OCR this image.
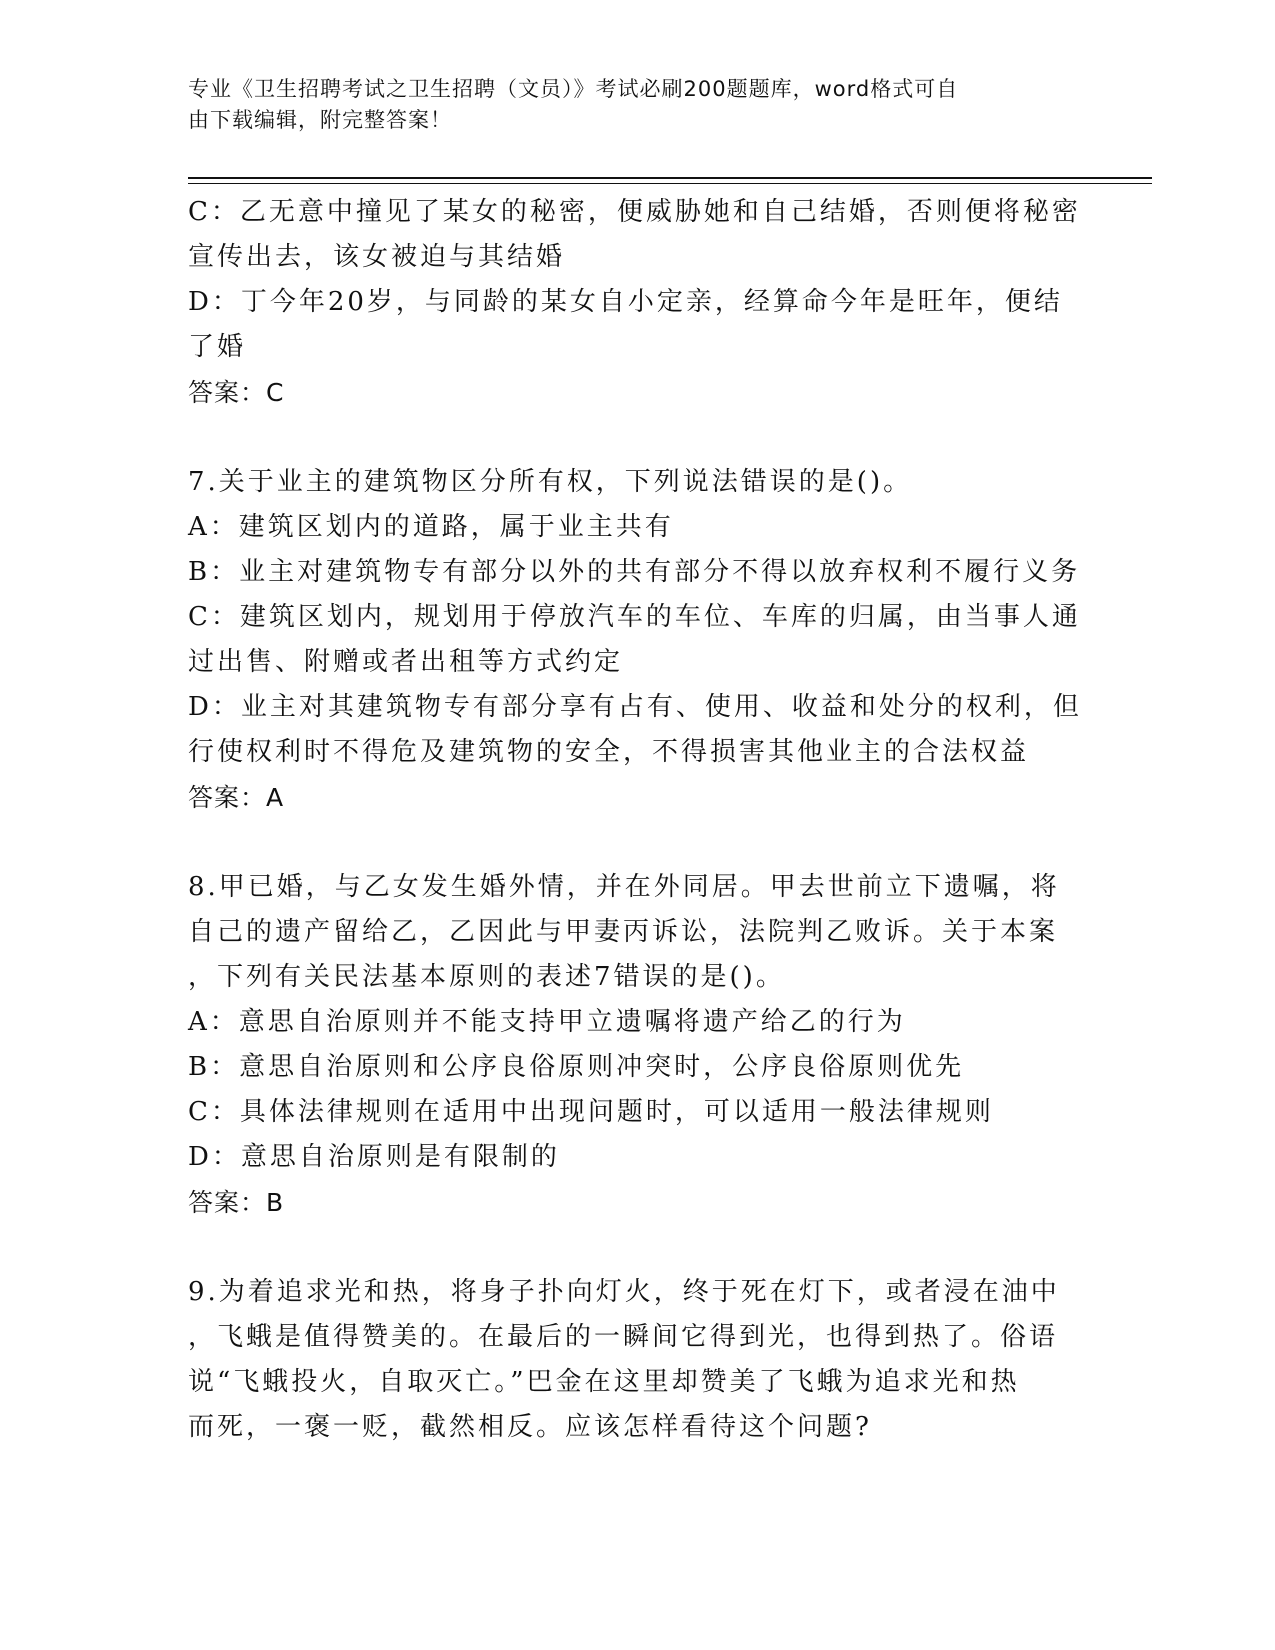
专业《卫生招聘考试之卫生招聘（文员）》考试必刷200题题库，word格式可自
由下载编辑，附完整答案！
C：乙无意中撞见了某女的秘密，便威胁她和自己结婚，否则便将秘密
宣传出去，该女被迫与其结婚
D：丁今年20岁，与同龄的某女自小定亲，经算命今年是旺年，便结
了婚
答案：C
7.关于业主的建筑物区分所有权，下列说法错误的是()。
A：建筑区划内的道路，属于业主共有
B：业主对建筑物专有部分以外的共有部分不得以放弃权利不履行义务
C：建筑区划内，规划用于停放汽车的车位、车库的归属，由当事人通
过出售、附赠或者出租等方式约定
D：业主对其建筑物专有部分享有占有、使用、收益和处分的权利，但
行使权利时不得危及建筑物的安全，不得损害其他业主的合法权益
答案：A
8.甲已婚，与乙女发生婚外情，并在外同居。甲去世前立下遗嘱，将
自己的遗产留给乙，乙因此与甲妻丙诉讼，法院判乙败诉。关于本案
，下列有关民法基本原则的表述7错误的是()。
A：意思自治原则并不能支持甲立遗嘱将遗产给乙的行为
B：意思自治原则和公序良俗原则冲突时，公序良俗原则优先
C：具体法律规则在适用中出现问题时，可以适用一般法律规则
D：意思自治原则是有限制的
答案：B
9.为着追求光和热，将身子扑向灯火，终于死在灯下，或者浸在油中
，飞蛾是值得赞美的。在最后的一瞬间它得到光，也得到热了。俗语
说“飞蛾投火，自取灭亡。”巴金在这里却赞美了飞蛾为追求光和热
而死，一褒一贬，截然相反。应该怎样看待这个问题?
